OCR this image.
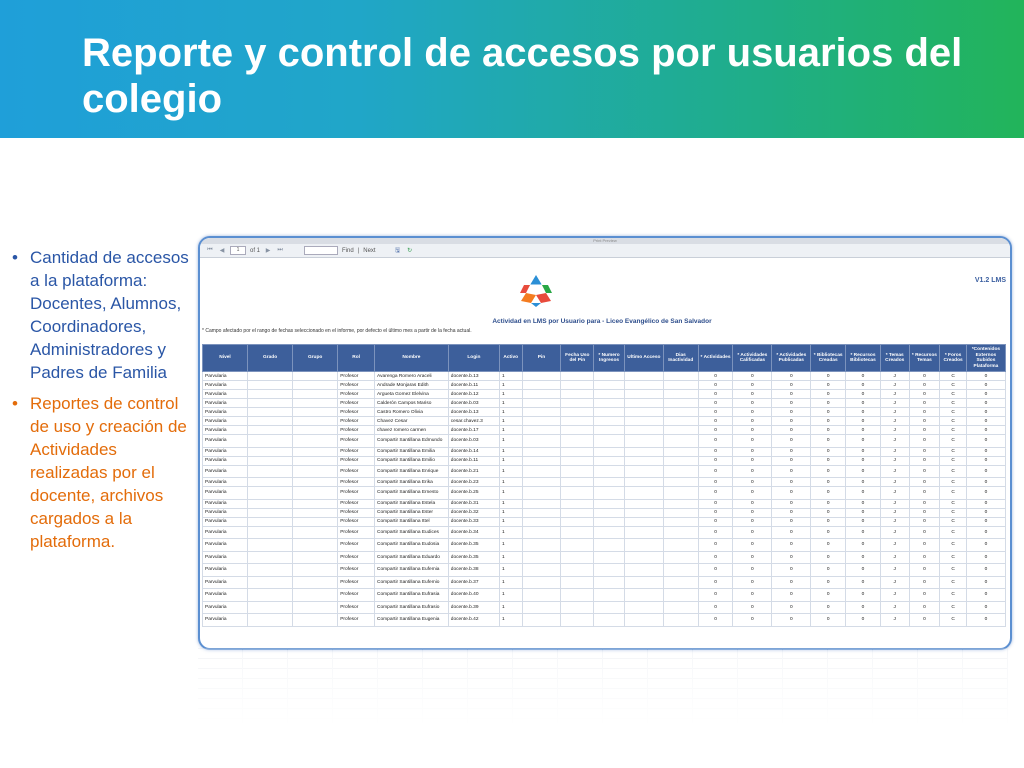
Reporte y control de accesos por usuarios del colegio
• Cantidad de accesos a la plataforma: Docentes, Alumnos, Coordinadores, Administradores y Padres de Familia
• Reportes de control de uso y creación de Actividades realizadas por el docente, archivos cargados a la plataforma.
Print Preview
⏮ ◀	1	of 1 ▶ ⏭	Find | Next	🖫 ↻
V1.2 LMS
Actividad en LMS por Usuario para - Liceo Evangélico de San Salvador
* Campo afectado por el rango de fechas seleccionado en el informe, por defecto el último mes a partir de la fecha actual.
Nivel	Grado	Grupo	Rol	Nombre	Login	Activo	Pin	Fecha Uso del Pin	* Numero Ingresos	Ultimo Acceso	Dias Inactividad	* Actividades	* Actividades Calificadas	* Actividades Publicadas	* Bibliotecas Creadas	* Recursos Bibliotecas	* Temas Creados	* Recursos Temas	* Foros Creados	*Contenidos Externos Subidos Plataforma
Parvularia			Profesor	Avarenga Romero Araceli	docente.b.13	1						0	0	0	0	0	J	0	C	0
Parvularia			Profesor	Andrade Monjaras Edith	docente.b.11	1						0	0	0	0	0	J	0	C	0
Parvularia			Profesor	Argueta Gomez Elelvina	docente.b.12	1						0	0	0	0	0	J	0	C	0
Parvularia			Profesor	Calderón Campos Mariso	docente.b.03	1						0	0	0	0	0	J	0	C	0
Parvularia			Profesor	Castro Romero Olivia	docente.b.13	1						0	0	0	0	0	J	0	C	0
Parvularia			Profesor	Chavez Cesar	cesar.chavez.3	1						0	0	0	0	0	J	0	C	0
Parvularia			Profesor	chavez romero carmen	docente.b.17	1						0	0	0	0	0	J	0	C	0
Parvularia			Profesor	Compartir Santillana Edmundo	docente.b.03	1						0	0	0	0	0	J	0	C	0
Parvularia			Profesor	Compartir Santillana Emilia	docente.b.14	1						0	0	0	0	0	J	0	C	0
Parvularia			Profesor	Compartir Santillana Emilio	docente.b.11	1						0	0	0	0	0	J	0	C	0
Parvularia			Profesor	Compartir Santillana Enrique	docente.b.21	1						0	0	0	0	0	J	0	C	0
Parvularia			Profesor	Compartir Santillana Erika	docente.b.23	1						0	0	0	0	0	J	0	C	0
Parvularia			Profesor	Compartir Santillana Ernesto	docente.b.25	1						0	0	0	0	0	J	0	C	0
Parvularia			Profesor	Compartir Santillana Estela	docente.b.31	1						0	0	0	0	0	J	0	C	0
Parvularia			Profesor	Compartir Santillana Ester	docente.b.32	1						0	0	0	0	0	J	0	C	0
Parvularia			Profesor	Compartir Santillana Ittel	docente.b.33	1						0	0	0	0	0	J	0	C	0
Parvularia			Profesor	Compartir Santillana Eudices	docente.b.34	1						0	0	0	0	0	J	0	C	0
Parvularia			Profesor	Compartir Santillana Eudosia	docente.b.35	1						0	0	0	0	0	J	0	C	0
Parvularia			Profesor	Compartir Santillana Eduardo	docente.b.35	1						0	0	0	0	0	J	0	C	0
Parvularia			Profesor	Compartir Santillana Eufemia	docente.b.38	1						0	0	0	0	0	J	0	C	0
Parvularia			Profesor	Compartir Santillana Eufemio	docente.b.37	1						0	0	0	0	0	J	0	C	0
Parvularia			Profesor	Compartir Santillana Eufrasia	docente.b.40	1						0	0	0	0	0	J	0	C	0
Parvularia			Profesor	Compartir Santillana Eufrasio	docente.b.39	1						0	0	0	0	0	J	0	C	0
Parvularia			Profesor	Compartir Santillana Eugenia	docente.b.42	1						0	0	0	0	0	J	0	C	0
